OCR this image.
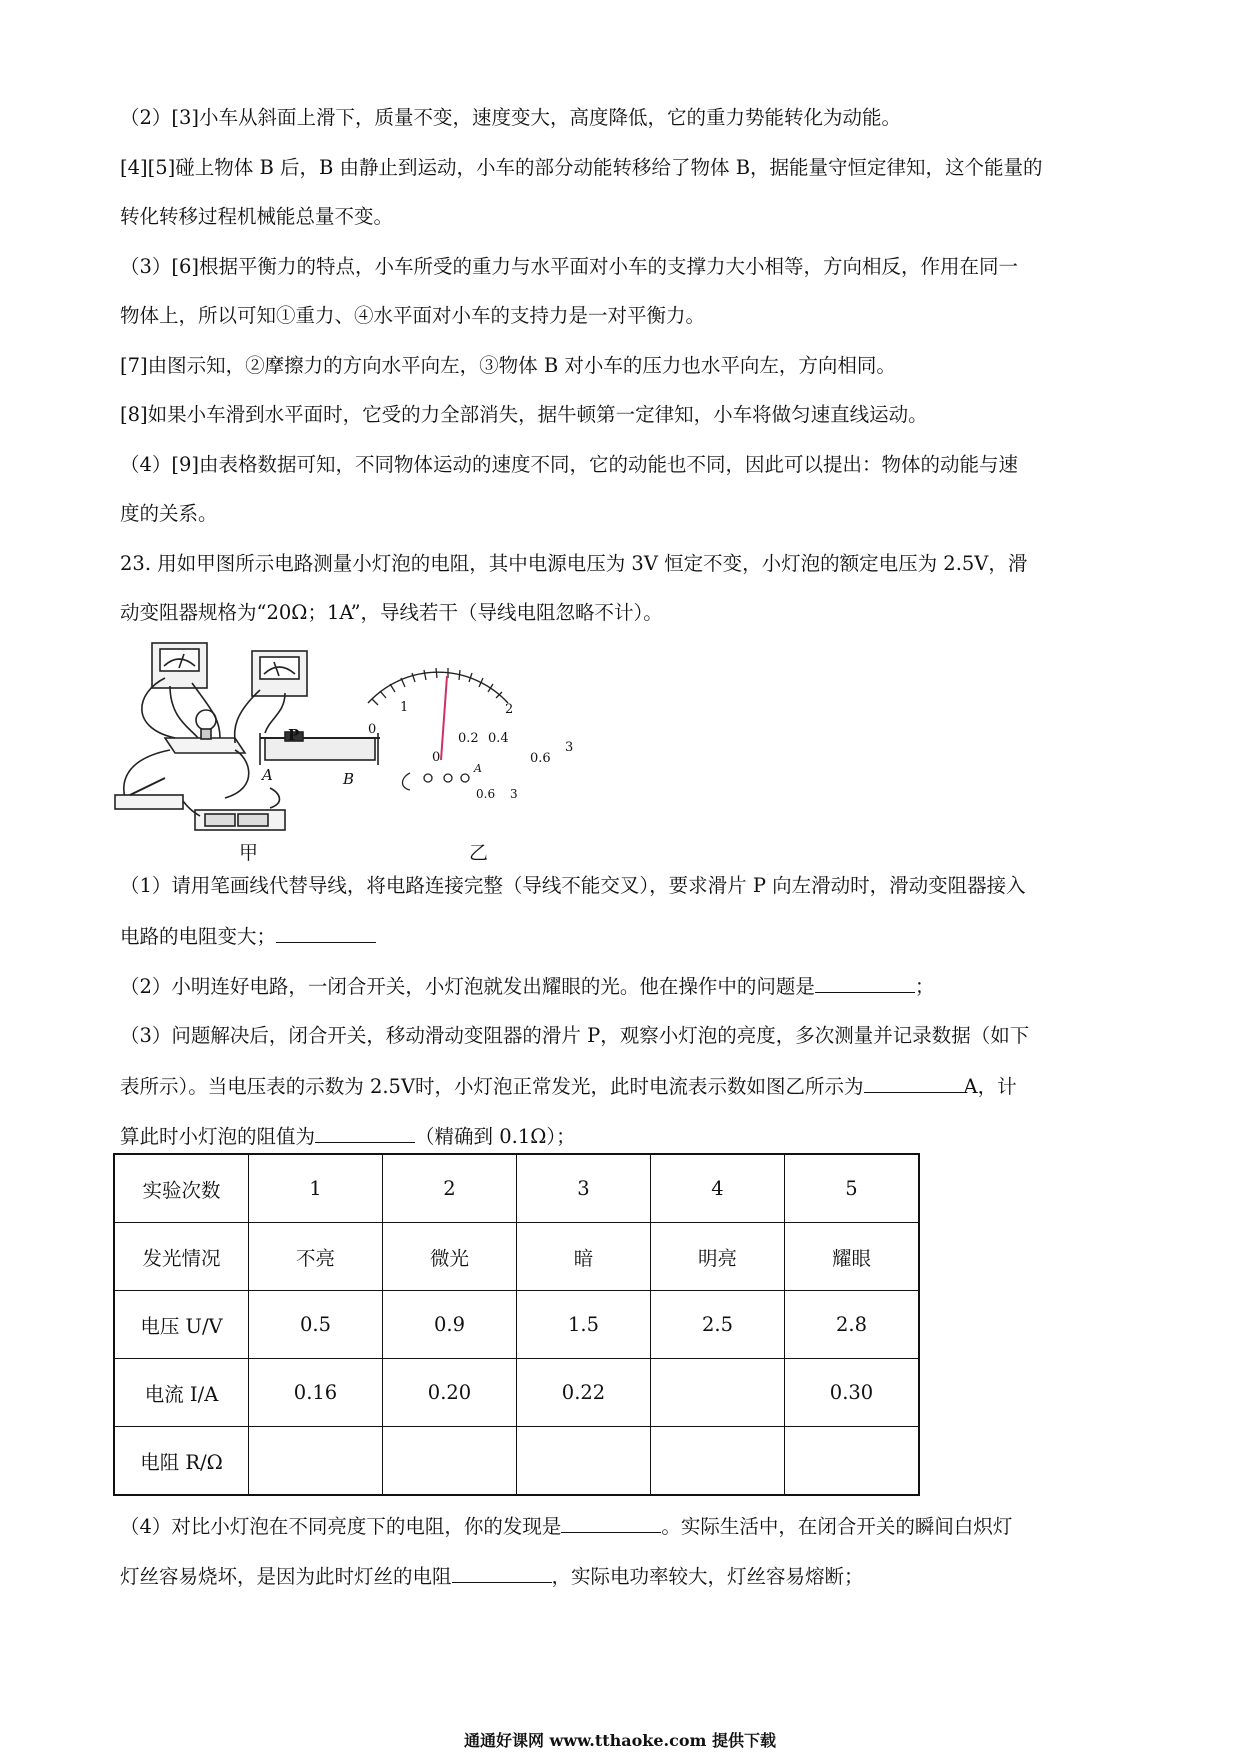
（2）[3]小车从斜面上滑下，质量不变，速度变大，高度降低，它的重力势能转化为动能。
[4][5]碰上物体 B 后，B 由静止到运动，小车的部分动能转移给了物体 B，据能量守恒定律知，这个能量的
转化转移过程机械能总量不变。
（3）[6]根据平衡力的特点，小车所受的重力与水平面对小车的支撑力大小相等，方向相反，作用在同一
物体上，所以可知①重力、④水平面对小车的支持力是一对平衡力。
[7]由图示知，②摩擦力的方向水平向左，③物体 B 对小车的压力也水平向左，方向相同。
[8]如果小车滑到水平面时，它受的力全部消失，据牛顿第一定律知，小车将做匀速直线运动。
（4）[9]由表格数据可知，不同物体运动的速度不同，它的动能也不同，因此可以提出：物体的动能与速
度的关系。
23. 用如甲图所示电路测量小灯泡的电阻，其中电源电压为 3V 恒定不变，小灯泡的额定电压为 2.5V，滑
动变阻器规格为“20Ω；1A”，导线若干（导线电阻忽略不计）。
P
A	B
0
1	2
3
0
0.2 0.4
0.6
A
0.6 3
甲	乙
（1）请用笔画线代替导线，将电路连接完整（导线不能交叉），要求滑片 P 向左滑动时，滑动变阻器接入
电路的电阻变大；
（2）小明连好电路，一闭合开关，小灯泡就发出耀眼的光。他在操作中的问题是	；
（3）问题解决后，闭合开关，移动滑动变阻器的滑片 P，观察小灯泡的亮度，多次测量并记录数据（如下
表所示）。当电压表的示数为 2.5V时，小灯泡正常发光，此时电流表示数如图乙所示为	A，计
算此时小灯泡的阻值为	（精确到 0.1Ω）；
实验次数	1	2	3	4	5
发光情况	不亮	微光	暗	明亮	耀眼
电压 U/V	0.5	0.9	1.5	2.5	2.8
电流 I/A	0.16	0.20	0.22		0.30
电阻 R/Ω					
（4）对比小灯泡在不同亮度下的电阻，你的发现是	。实际生活中，在闭合开关的瞬间白炽灯
灯丝容易烧坏，是因为此时灯丝的电阻	，实际电功率较大，灯丝容易熔断；
通通好课网 www.tthaoke.com 提供下载
